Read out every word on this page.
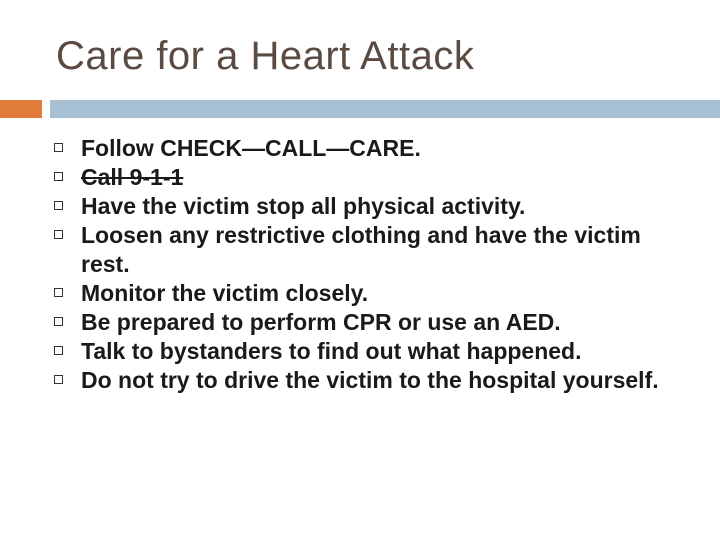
Care for a Heart Attack
Follow CHECK—CALL—CARE.
Call 9-1-1
Have the victim stop all physical activity.
Loosen any restrictive clothing and have the victim rest.
Monitor the victim closely.
Be prepared to perform CPR or use an AED.
Talk to bystanders to find out what happened.
Do not try to drive the victim to the hospital yourself.
